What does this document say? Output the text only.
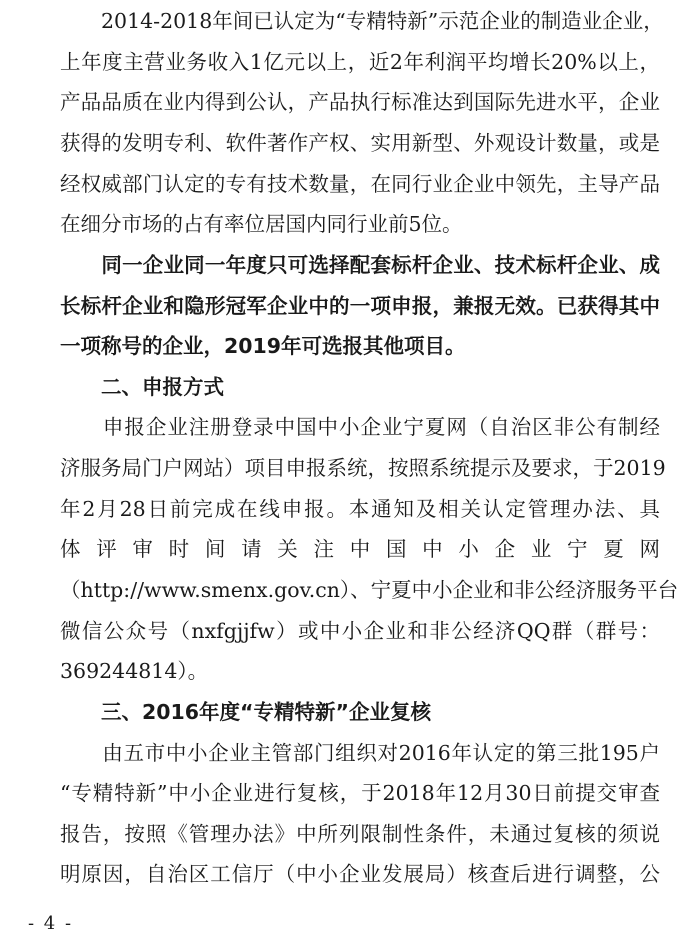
　　2014-2018年间已认定为“专精特新”示范企业的制造业企业，
上年度主营业务收入1亿元以上，近2年利润平均增长20%以上，
产品品质在业内得到公认，产品执行标准达到国际先进水平，企业
获得的发明专利、软件著作产权、实用新型、外观设计数量，或是
经权威部门认定的专有技术数量，在同行业企业中领先，主导产品
在细分市场的占有率位居国内同行业前5位。
　　同一企业同一年度只可选择配套标杆企业、技术标杆企业、成
长标杆企业和隐形冠军企业中的一项申报，兼报无效。已获得其中
一项称号的企业，2019年可选报其他项目。
　　二、申报方式
　　申报企业注册登录中国中小企业宁夏网（自治区非公有制经
济服务局门户网站）项目申报系统，按照系统提示及要求，于2019
年2月28日前完成在线申报。本通知及相关认定管理办法、具
体评审时间请关注中国中小企业宁夏网
（http://www.smenx.gov.cn）、宁夏中小企业和非公经济服务平台
微信公众号（nxfgjjfw）或中小企业和非公经济QQ群（群号：
369244814）。
　　三、2016年度“专精特新”企业复核
　　由五市中小企业主管部门组织对2016年认定的第三批195户
“专精特新”中小企业进行复核，于2018年12月30日前提交审查
报告，按照《管理办法》中所列限制性条件，未通过复核的须说
明原因，自治区工信厅（中小企业发展局）核查后进行调整，公
- 4 -
